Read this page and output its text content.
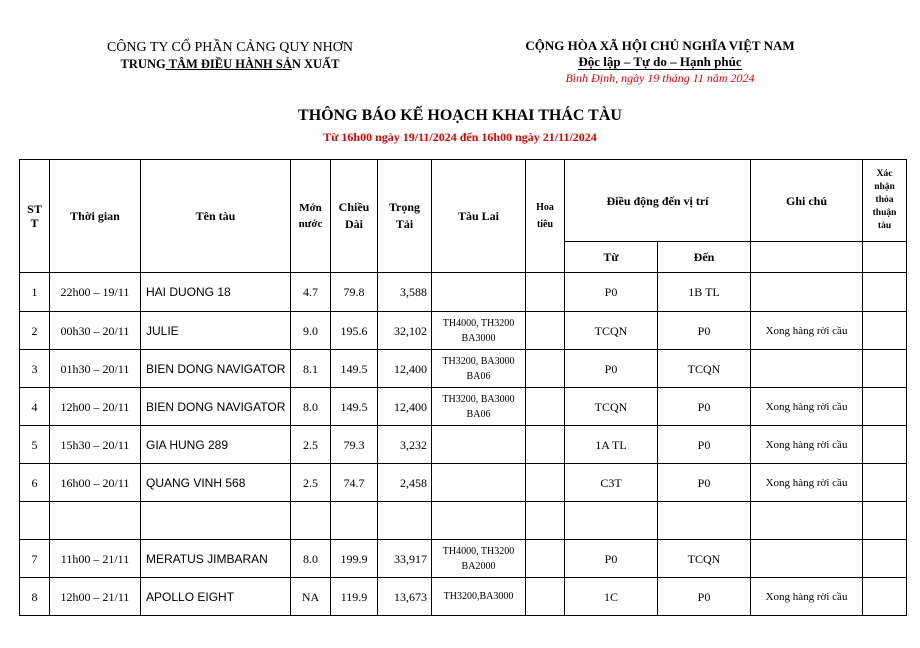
CÔNG TY CỔ PHẦN CẢNG QUY NHƠN
TRUNG TÂM ĐIỀU HÀNH SẢN XUẤT
CỘNG HÒA XÃ HỘI CHỦ NGHĨA VIỆT NAM
Độc lập – Tự do – Hạnh phúc
Bình Định, ngày 19 tháng 11 năm 2024
THÔNG BÁO KẾ HOẠCH KHAI THÁC TÀU
Từ 16h00 ngày 19/11/2024 đến 16h00 ngày 21/11/2024
STT	Thời gian	Tên tàu	Mớn nước	Chiều Dài	Trọng Tải	Tàu Lai	Hoa tiêu	Điều động đến vị trí		Ghi chú	Xác nhận thỏa thuận tàu
								Từ	Đến		
1	22h00 – 19/11	HAI DUONG 18	4.7	79.8	3,588			P0	1B TL		
2	00h30 – 20/11	JULIE	9.0	195.6	32,102	TH4000, TH3200 BA3000		TCQN	P0	Xong hàng rời cầu	
3	01h30 – 20/11	BIEN DONG NAVIGATOR	8.1	149.5	12,400	TH3200, BA3000 BA06		P0	TCQN		
4	12h00 – 20/11	BIEN DONG NAVIGATOR	8.0	149.5	12,400	TH3200, BA3000 BA06		TCQN	P0	Xong hàng rời cầu	
5	15h30 – 20/11	GIA HUNG 289	2.5	79.3	3,232			1A TL	P0	Xong hàng rời cầu	
6	16h00 – 20/11	QUANG VINH 568	2.5	74.7	2,458			C3T	P0	Xong hàng rời cầu	

7	11h00 – 21/11	MERATUS JIMBARAN	8.0	199.9	33,917	TH4000, TH3200 BA2000		P0	TCQN		
8	12h00 – 21/11	APOLLO EIGHT	NA	119.9	13,673	TH3200,BA3000		1C	P0	Xong hàng rời cầu	
